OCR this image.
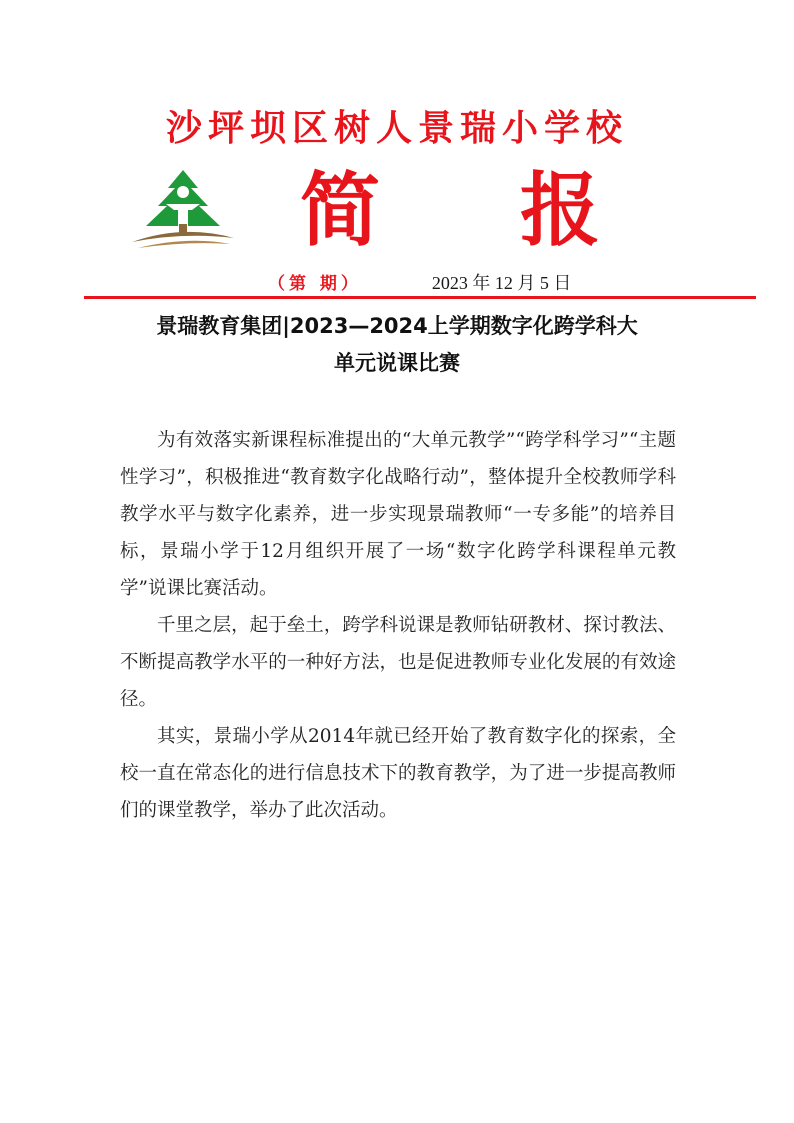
沙坪坝区树人景瑞小学校
简 报
（第 期）	2023 年 12 月 5 日
景瑞教育集团|2023—2024上学期数字化跨学科大
单元说课比赛

为有效落实新课程标准提出的“大单元教学”“跨学科学习”“主题性学习”，积极推进“教育数字化战略行动”，整体提升全校教师学科教学水平与数字化素养，进一步实现景瑞教师“一专多能”的培养目标，景瑞小学于12月组织开展了一场“数字化跨学科课程单元教学”说课比赛活动。

千里之层，起于垒土，跨学科说课是教师钻研教材、探讨教法、不断提高教学水平的一种好方法，也是促进教师专业化发展的有效途径。

其实，景瑞小学从2014年就已经开始了教育数字化的探索，全校一直在常态化的进行信息技术下的教育教学，为了进一步提高教师们的课堂教学，举办了此次活动。
